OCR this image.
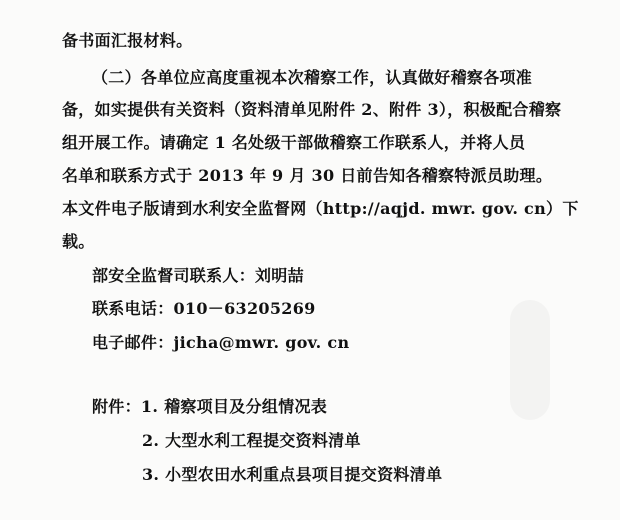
备书面汇报材料。
（二）各单位应高度重视本次稽察工作，认真做好稽察各项准
备，如实提供有关资料（资料清单见附件 2、附件 3），积极配合稽察
组开展工作。请确定 1 名处级干部做稽察工作联系人，并将人员
名单和联系方式于 2013 年 9 月 30 日前告知各稽察特派员助理。
本文件电子版请到水利安全监督网（http://aqjd. mwr. gov. cn）下
载。
部安全监督司联系人：刘明喆
联系电话：010－63205269
电子邮件：jicha@mwr. gov. cn
附件：1. 稽察项目及分组情况表
2. 大型水利工程提交资料清单
3. 小型农田水利重点县项目提交资料清单
